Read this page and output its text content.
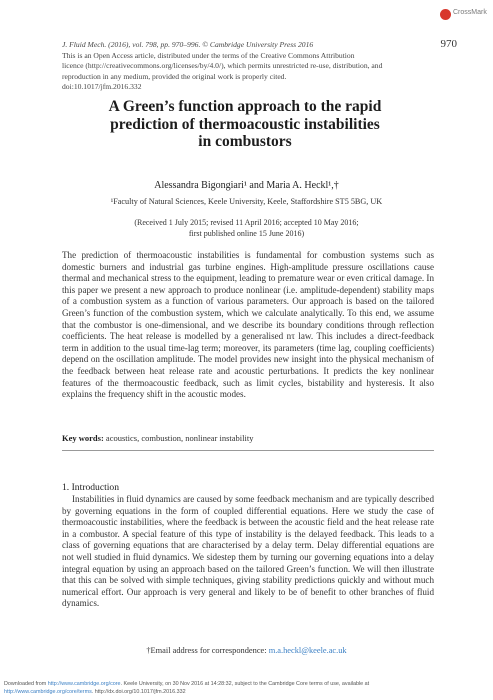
CrossMark
970
J. Fluid Mech. (2016), vol. 798, pp. 970–996. © Cambridge University Press 2016
This is an Open Access article, distributed under the terms of the Creative Commons Attribution
licence (http://creativecommons.org/licenses/by/4.0/), which permits unrestricted re-use, distribution, and
reproduction in any medium, provided the original work is properly cited.
doi:10.1017/jfm.2016.332
A Green’s function approach to the rapid
prediction of thermoacoustic instabilities
in combustors
Alessandra Bigongiari¹ and Maria A. Heckl¹,†
¹Faculty of Natural Sciences, Keele University, Keele, Staffordshire ST5 5BG, UK
(Received 1 July 2015; revised 11 April 2016; accepted 10 May 2016;
first published online 15 June 2016)
The prediction of thermoacoustic instabilities is fundamental for combustion systems such as domestic burners and industrial gas turbine engines. High-amplitude pressure oscillations cause thermal and mechanical stress to the equipment, leading to premature wear or even critical damage. In this paper we present a new approach to produce nonlinear (i.e. amplitude-dependent) stability maps of a combustion system as a function of various parameters. Our approach is based on the tailored Green’s function of the combustion system, which we calculate analytically. To this end, we assume that the combustor is one-dimensional, and we describe its boundary conditions through reflection coefficients. The heat release is modelled by a generalised nτ law. This includes a direct-feedback term in addition to the usual time-lag term; moreover, its parameters (time lag, coupling coefficients) depend on the oscillation amplitude. The model provides new insight into the physical mechanism of the feedback between heat release rate and acoustic perturbations. It predicts the key nonlinear features of the thermoacoustic feedback, such as limit cycles, bistability and hysteresis. It also explains the frequency shift in the acoustic modes.
Key words: acoustics, combustion, nonlinear instability
1. Introduction

Instabilities in fluid dynamics are caused by some feedback mechanism and are typically described by governing equations in the form of coupled differential equations. Here we study the case of thermoacoustic instabilities, where the feedback is between the acoustic field and the heat release rate in a combustor. A special feature of this type of instability is the delayed feedback. This leads to a class of governing equations that are characterised by a delay term. Delay differential equations are not well studied in fluid dynamics. We sidestep them by turning our governing equations into a delay integral equation by using an approach based on the tailored Green’s function. We will then illustrate that this can be solved with simple techniques, giving stability predictions quickly and without much numerical effort. Our approach is very general and likely to be of benefit to other branches of fluid dynamics.

†Email address for correspondence: m.a.heckl@keele.ac.uk
Downloaded from http://www.cambridge.org/core. Keele University, on 30 Nov 2016 at 14:28:32, subject to the Cambridge Core terms of use, available at
http://www.cambridge.org/core/terms. http://dx.doi.org/10.1017/jfm.2016.332
